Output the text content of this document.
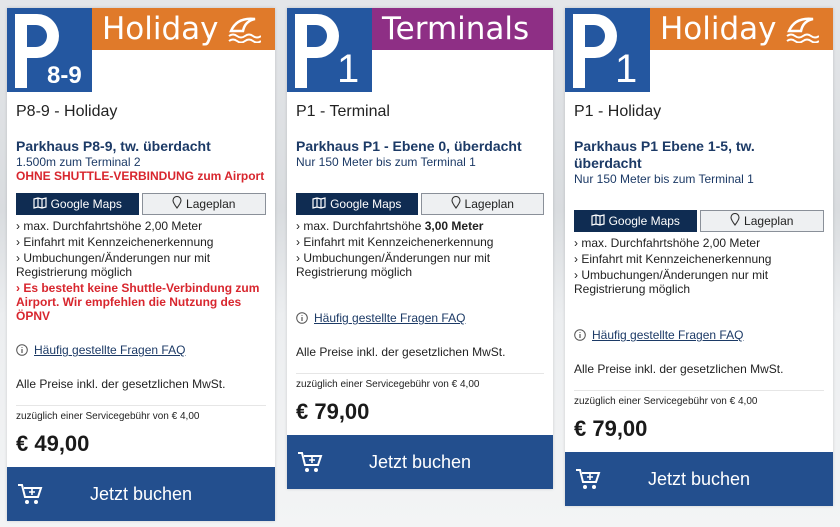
8-9
Holiday
P8-9 - Holiday
Parkhaus P8-9, tw. überdacht
1.500m zum Terminal 2
OHNE SHUTTLE-VERBINDUNG zum Airport
Google Maps	Lageplan
› max. Durchfahrtshöhe 2,00 Meter
› Einfahrt mit Kennzeichenerkennung
› Umbuchungen/Änderungen nur mit Registrierung möglich
› Es besteht keine Shuttle-Verbindung zum Airport. Wir empfehlen die Nutzung des ÖPNV
Häufig gestellte Fragen FAQ
Alle Preise inkl. der gesetzlichen MwSt.
zuzüglich einer Servicegebühr von € 4,00
€ 49,00
Jetzt buchen
1
Terminals
P1 - Terminal
Parkhaus P1 - Ebene 0, überdacht
Nur 150 Meter bis zum Terminal 1
Google Maps	Lageplan
› max. Durchfahrtshöhe 3,00 Meter
› Einfahrt mit Kennzeichenerkennung
› Umbuchungen/Änderungen nur mit Registrierung möglich
Häufig gestellte Fragen FAQ
Alle Preise inkl. der gesetzlichen MwSt.
zuzüglich einer Servicegebühr von € 4,00
€ 79,00
Jetzt buchen
1
Holiday
P1 - Holiday
Parkhaus P1 Ebene 1-5, tw. überdacht
Nur 150 Meter bis zum Terminal 1
Google Maps	Lageplan
› max. Durchfahrtshöhe 2,00 Meter
› Einfahrt mit Kennzeichenerkennung
› Umbuchungen/Änderungen nur mit Registrierung möglich
Häufig gestellte Fragen FAQ
Alle Preise inkl. der gesetzlichen MwSt.
zuzüglich einer Servicegebühr von € 4,00
€ 79,00
Jetzt buchen
